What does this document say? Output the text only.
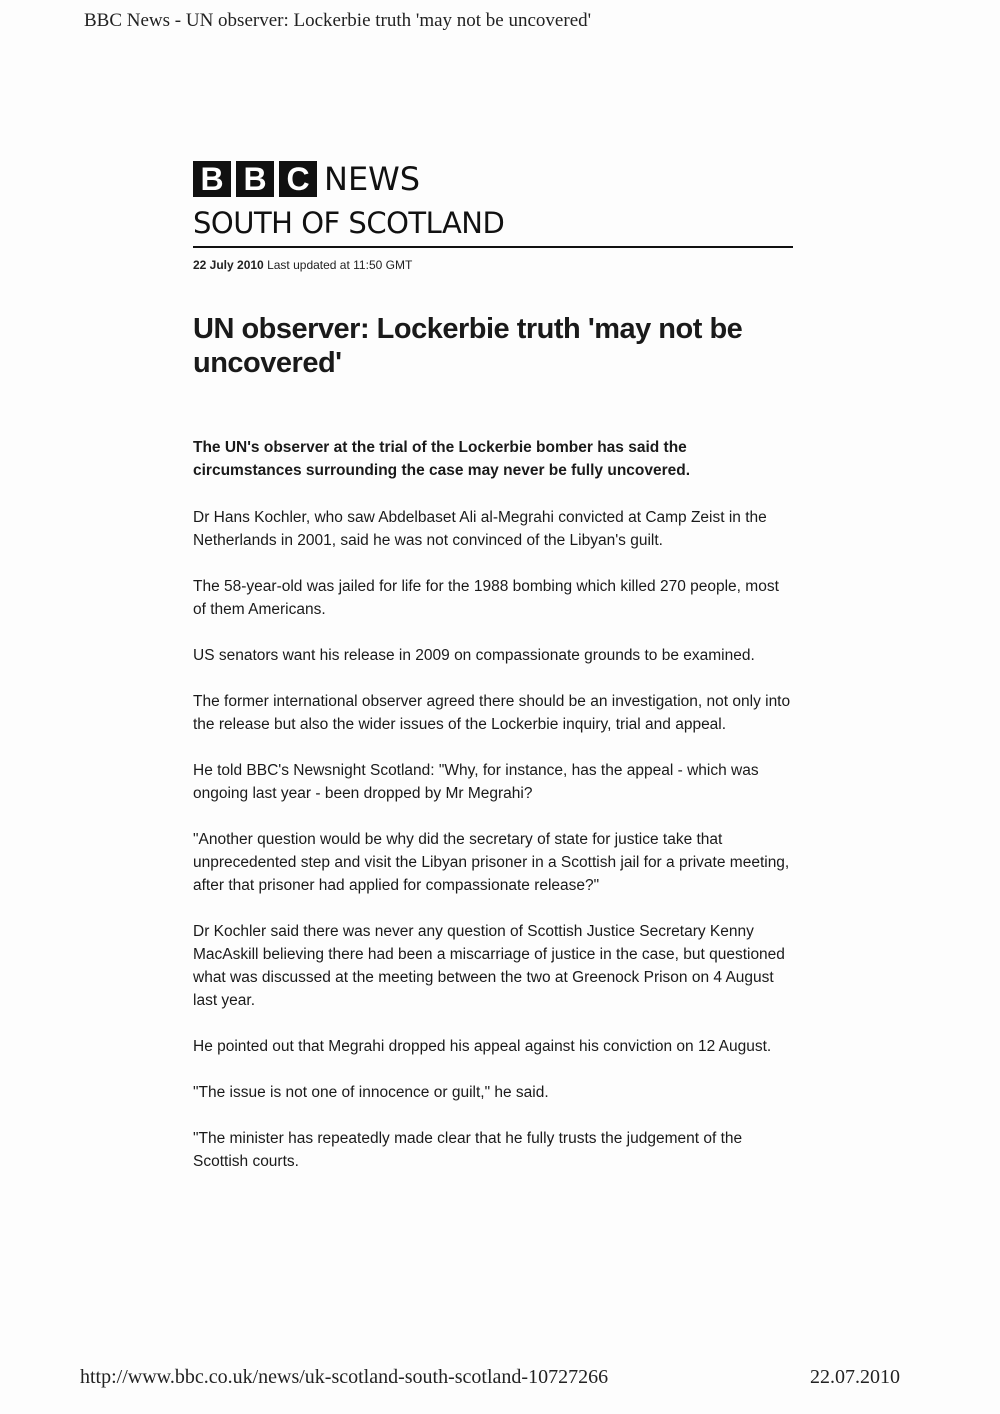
BBC News - UN observer: Lockerbie truth 'may not be uncovered'
B B C NEWS
SOUTH OF SCOTLAND
22 July 2010 Last updated at 11:50 GMT
UN observer: Lockerbie truth 'may not be uncovered'

The UN's observer at the trial of the Lockerbie bomber has said the circumstances surrounding the case may never be fully uncovered.

Dr Hans Kochler, who saw Abdelbaset Ali al-Megrahi convicted at Camp Zeist in the Netherlands in 2001, said he was not convinced of the Libyan's guilt.

The 58-year-old was jailed for life for the 1988 bombing which killed 270 people, most of them Americans.

US senators want his release in 2009 on compassionate grounds to be examined.

The former international observer agreed there should be an investigation, not only into the release but also the wider issues of the Lockerbie inquiry, trial and appeal.

He told BBC's Newsnight Scotland: "Why, for instance, has the appeal - which was ongoing last year - been dropped by Mr Megrahi?

"Another question would be why did the secretary of state for justice take that unprecedented step and visit the Libyan prisoner in a Scottish jail for a private meeting, after that prisoner had applied for compassionate release?"

Dr Kochler said there was never any question of Scottish Justice Secretary Kenny MacAskill believing there had been a miscarriage of justice in the case, but questioned what was discussed at the meeting between the two at Greenock Prison on 4 August last year.

He pointed out that Megrahi dropped his appeal against his conviction on 12 August.

"The issue is not one of innocence or guilt," he said.

"The minister has repeatedly made clear that he fully trusts the judgement of the Scottish courts.

http://www.bbc.co.uk/news/uk-scotland-south-scotland-10727266	22.07.2010
